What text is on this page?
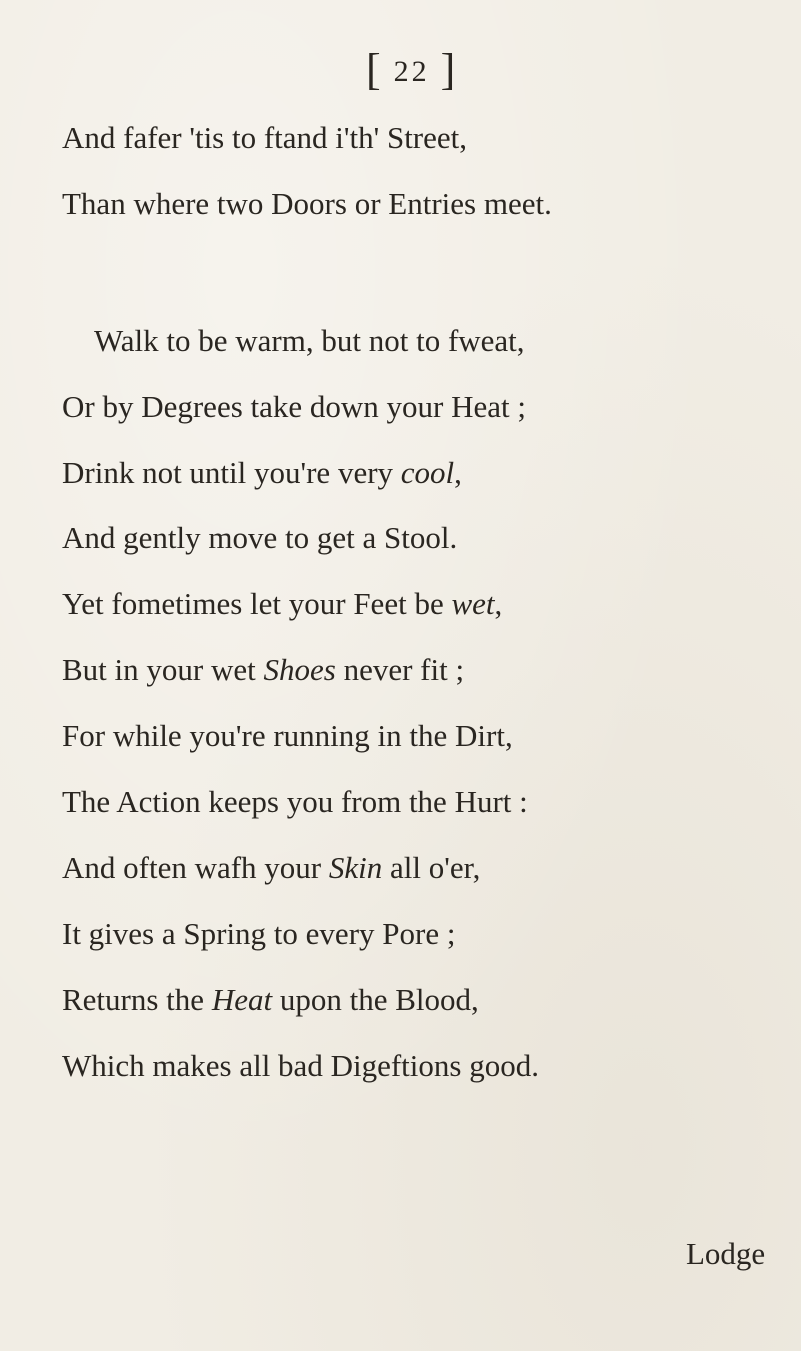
[ 22 ]
And fafer 'tis to ftand i'th' Street,
Than where two Doors or Entries meet.
Walk to be warm, but not to fweat,
Or by Degrees take down your Heat ;
Drink not until you're very cool,
And gently move to get a Stool.
Yet fometimes let your Feet be wet,
But in your wet Shoes never fit ;
For while you're running in the Dirt,
The Action keeps you from the Hurt :
And often wafh your Skin all o'er,
It gives a Spring to every Pore ;
Returns the Heat upon the Blood,
Which makes all bad Digeftions good.
Lodge
